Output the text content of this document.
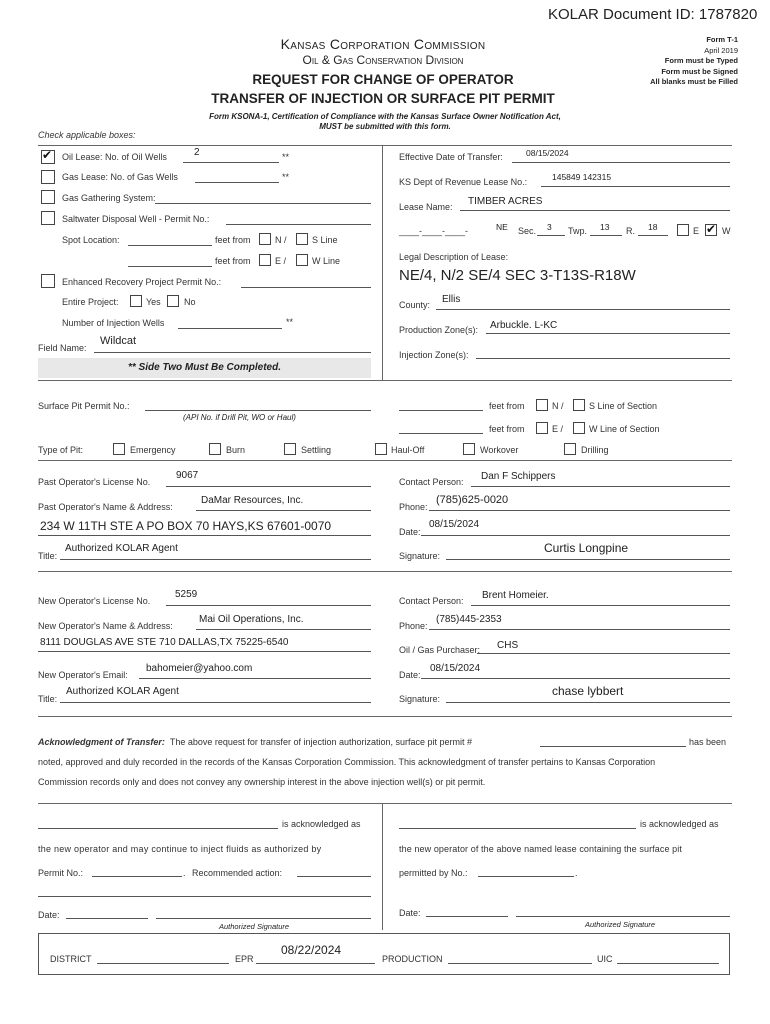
KOLAR Document ID: 1787820
Kansas Corporation Commission
Oil & Gas Conservation Division
REQUEST FOR CHANGE OF OPERATOR
TRANSFER OF INJECTION OR SURFACE PIT PERMIT
Form T-1
April 2019
Form must be Typed
Form must be Signed
All blanks must be Filled
Form KSONA-1, Certification of Compliance with the Kansas Surface Owner Notification Act,
MUST be submitted with this form.
Check applicable boxes:
✔
Oil Lease: No. of Oil Wells	2	**
Gas Lease: No. of Gas Wells	**
Gas Gathering System:
Saltwater Disposal Well - Permit No.:
Spot Location:	feet from	N /	S Line
feet from	E /	W Line
Enhanced Recovery Project Permit No.:
Entire Project:	Yes	No
Number of Injection Wells	**
Field Name:
Wildcat
** Side Two Must Be Completed.
Effective Date of Transfer:	08/15/2024
KS Dept of Revenue Lease No.:	145849 142315
Lease Name: TIMBER ACRES
____-____-____-	NE Sec. 3 Twp. 13 R. 18	E
✔	W
Legal Description of Lease:
NE/4, N/2 SE/4 SEC 3-T13S-R18W
County: Ellis
Production Zone(s): Arbuckle. L-KC
Injection Zone(s):
Surface Pit Permit No.:
(API No. if Drill Pit, WO or Haul)
feet from	N /	S Line of Section
feet from	E /	W Line of Section
Type of Pit:	Emergency	Burn	Settling	Haul-Off	Workover	Drilling
Past Operator's License No.
9067
Past Operator's Name & Address:
DaMar Resources, Inc.
234 W 11TH STE A PO BOX 70 HAYS,KS 67601-0070
Title:
Authorized KOLAR Agent
Contact Person: Dan F Schippers
Phone:
(785)625-0020
Date:
08/15/2024
Signature:
Curtis Longpine
New Operator's License No.
5259
New Operator's Name & Address:
Mai Oil Operations, Inc.
8111 DOUGLAS AVE STE 710 DALLAS,TX 75225-6540
New Operator's Email:
bahomeier@yahoo.com
Title:
Authorized KOLAR Agent
Contact Person: Brent Homeier.
Phone:
(785)445-2353
Oil / Gas Purchaser: CHS
Date:
08/15/2024
Signature:
chase lybbert
Acknowledgment of Transfer: The above request for transfer of injection authorization, surface pit permit #	has been
noted, approved and duly recorded in the records of the Kansas Corporation Commission. This acknowledgment of transfer pertains to Kansas Corporation
Commission records only and does not convey any ownership interest in the above injection well(s) or pit permit.
is acknowledged as
the new operator and may continue to inject fluids as authorized by
Permit No.:	. Recommended action:
Date:
Authorized Signature
is acknowledged as
the new operator of the above named lease containing the surface pit
permitted by No.:	.
Date:
Authorized Signature
DISTRICT	EPR
08/22/2024
PRODUCTION	UIC
